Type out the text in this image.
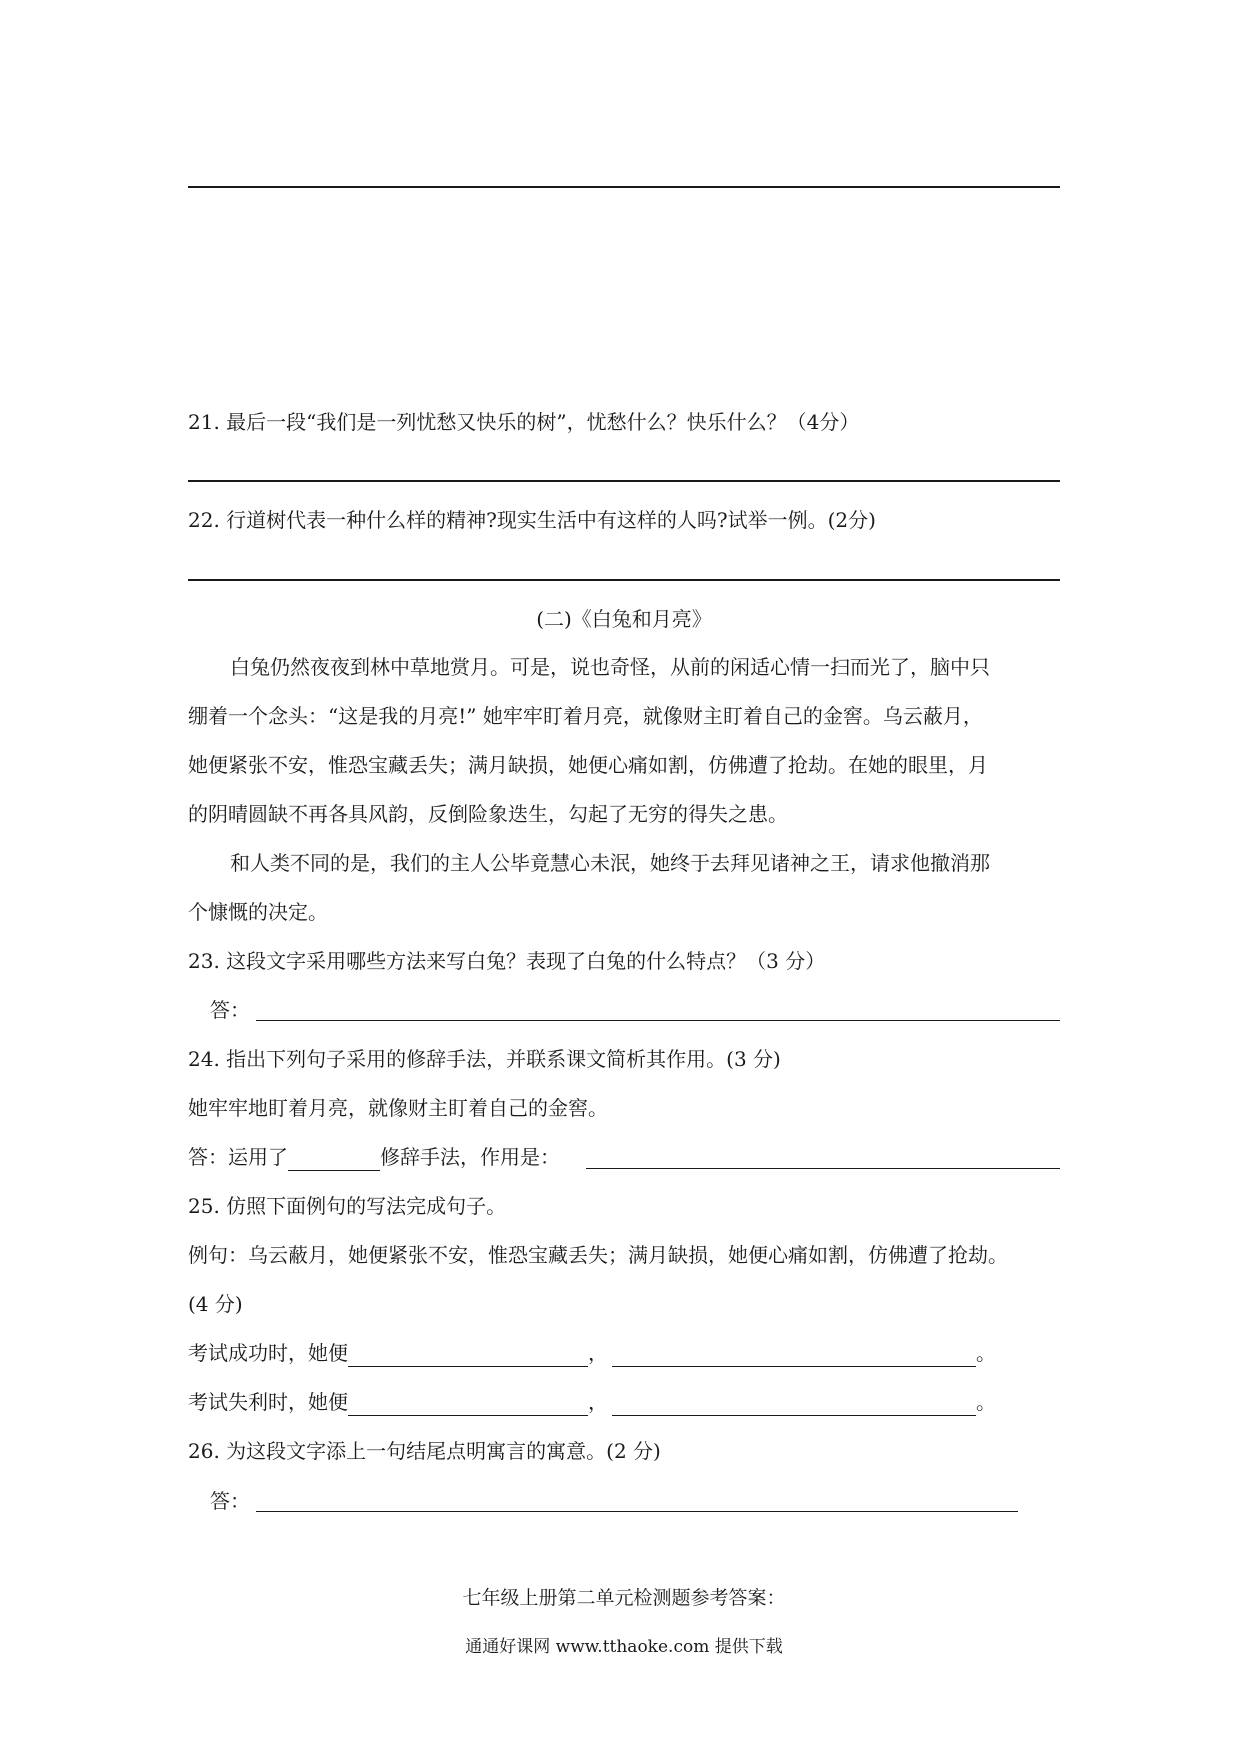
21. 最后一段“我们是一列忧愁又快乐的树”，忧愁什么？快乐什么？（4分）
22. 行道树代表一种什么样的精神?现实生活中有这样的人吗?试举一例。(2分)
(二)《白兔和月亮》
白兔仍然夜夜到林中草地赏月。可是，说也奇怪，从前的闲适心情一扫而光了，脑中只
绷着一个念头：“这是我的月亮!” 她牢牢盯着月亮，就像财主盯着自己的金窖。乌云蔽月，
她便紧张不安，惟恐宝藏丢失；满月缺损，她便心痛如割，仿佛遭了抢劫。在她的眼里，月
的阴晴圆缺不再各具风韵，反倒险象迭生，勾起了无穷的得失之患。
和人类不同的是，我们的主人公毕竟慧心未泯，她终于去拜见诸神之王，请求他撤消那
个慷慨的决定。
23. 这段文字采用哪些方法来写白兔？表现了白兔的什么特点？（3 分）
答：
24. 指出下列句子采用的修辞手法，并联系课文简析其作用。(3 分)
她牢牢地盯着月亮，就像财主盯着自己的金窖。
答：运用了	修辞手法，作用是：
25. 仿照下面例句的写法完成句子。
例句：乌云蔽月，她便紧张不安，惟恐宝藏丢失；满月缺损，她便心痛如割，仿佛遭了抢劫。
(4 分)
考试成功时，她便	，	。
考试失利时，她便	，	。
26. 为这段文字添上一句结尾点明寓言的寓意。(2 分)
答：
七年级上册第二单元检测题参考答案：
通通好课网 www.tthaoke.com 提供下载
